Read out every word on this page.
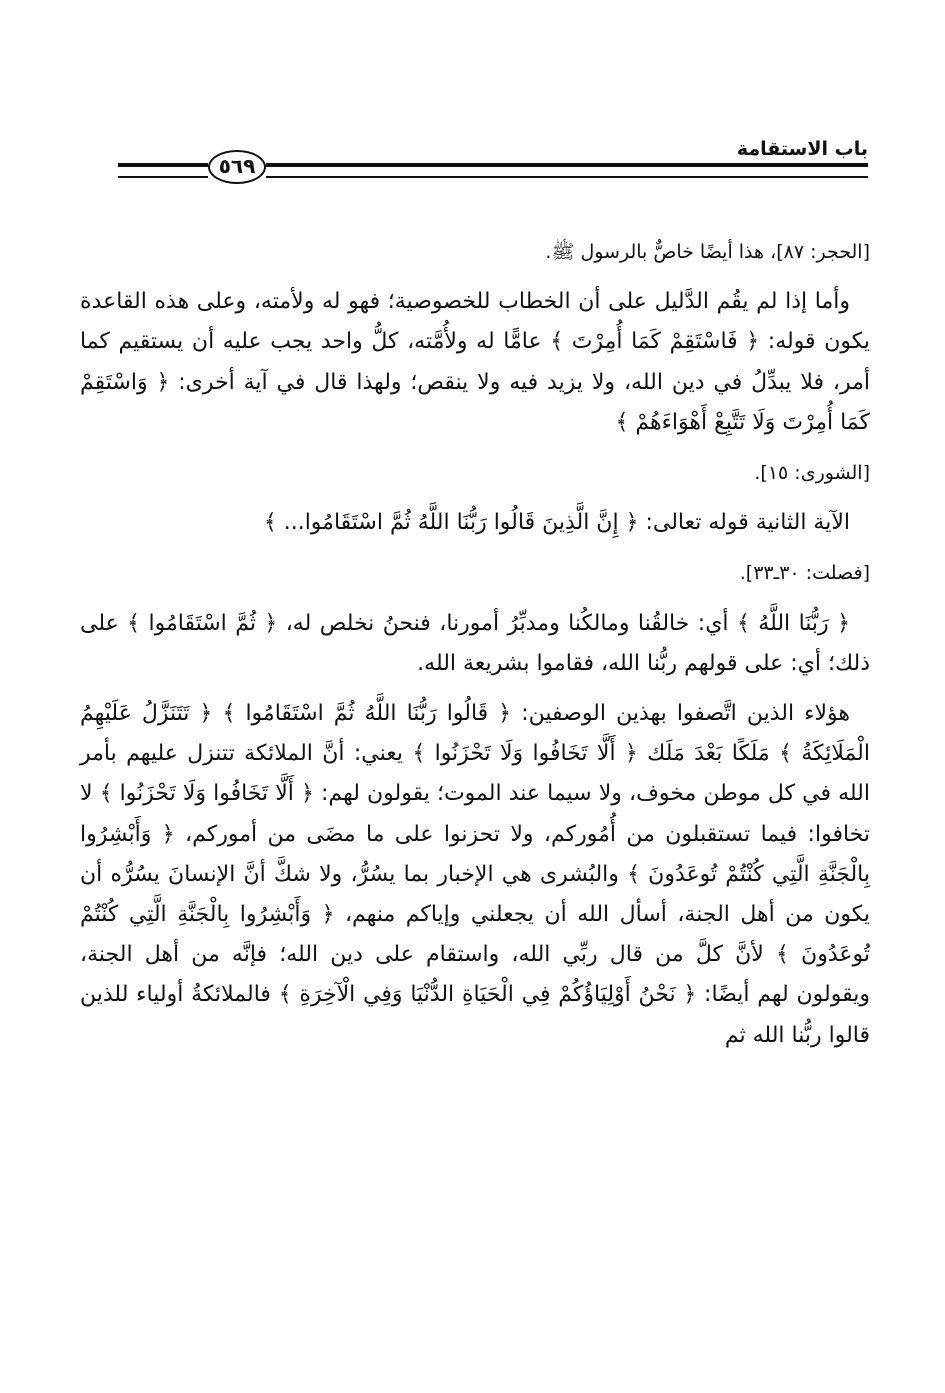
باب الاستقامة
٥٦٩

[الحجر: ٨٧]، هذا أيضًا خاصٌّ بالرسول ﷺ.

وأما إذا لم يقُم الدَّليل على أن الخطاب للخصوصية؛ فهو له ولأمته، وعلى هذه القاعدة يكون قوله: ﴿ فَاسْتَقِمْ كَمَا أُمِرْتَ ﴾ عامًّا له ولأُمَّته، كلُّ واحد يجب عليه أن يستقيم كما أمر، فلا يبدِّلُ في دين الله، ولا يزيد فيه ولا ينقص؛ ولهذا قال في آية أخرى: ﴿ وَاسْتَقِمْ كَمَا أُمِرْتَ وَلَا تَتَّبِعْ أَهْوَاءَهُمْ ﴾

[الشورى: ١٥].

الآية الثانية قوله تعالى: ﴿ إِنَّ الَّذِينَ قَالُوا رَبُّنَا اللَّهُ ثُمَّ اسْتَقَامُوا... ﴾

[فصلت: ٣٠ـ٣٣].

﴿ رَبُّنَا اللَّهُ ﴾ أي: خالقُنا ومالكُنا ومدبِّرُ أمورنا، فنحنُ نخلص له، ﴿ ثُمَّ اسْتَقَامُوا ﴾ على ذلك؛ أي: على قولهم ربُّنا الله، فقاموا بشريعة الله.

هؤلاء الذين اتَّصفوا بهذين الوصفين: ﴿ قَالُوا رَبُّنَا اللَّهُ ثُمَّ اسْتَقَامُوا ﴾ ﴿ تَتَنَزَّلُ عَلَيْهِمُ الْمَلَائِكَةُ ﴾ مَلَكًا بَعْدَ مَلَك ﴿ أَلَّا تَخَافُوا وَلَا تَحْزَنُوا ﴾ يعني: أنَّ الملائكة تتنزل عليهم بأمر الله في كل موطن مخوف، ولا سيما عند الموت؛ يقولون لهم: ﴿ أَلَّا تَخَافُوا وَلَا تَحْزَنُوا ﴾ لا تخافوا: فيما تستقبلون من أُمُوركم، ولا تحزنوا على ما مضَى من أموركم، ﴿ وَأَبْشِرُوا بِالْجَنَّةِ الَّتِي كُنْتُمْ تُوعَدُونَ ﴾ والبُشرى هي الإخبار بما يسُرُّ، ولا شكَّ أنَّ الإنسانَ يسُرُّه أن يكون من أهل الجنة، أسأل الله أن يجعلني وإياكم منهم، ﴿ وَأَبْشِرُوا بِالْجَنَّةِ الَّتِي كُنْتُمْ تُوعَدُونَ ﴾ لأنَّ كلَّ من قال ربِّي الله، واستقام على دين الله؛ فإنَّه من أهل الجنة، ويقولون لهم أيضًا: ﴿ نَحْنُ أَوْلِيَاؤُكُمْ فِي الْحَيَاةِ الدُّنْيَا وَفِي الْآخِرَةِ ﴾ فالملائكةُ أولياء للذين قالوا ربُّنا الله ثم
